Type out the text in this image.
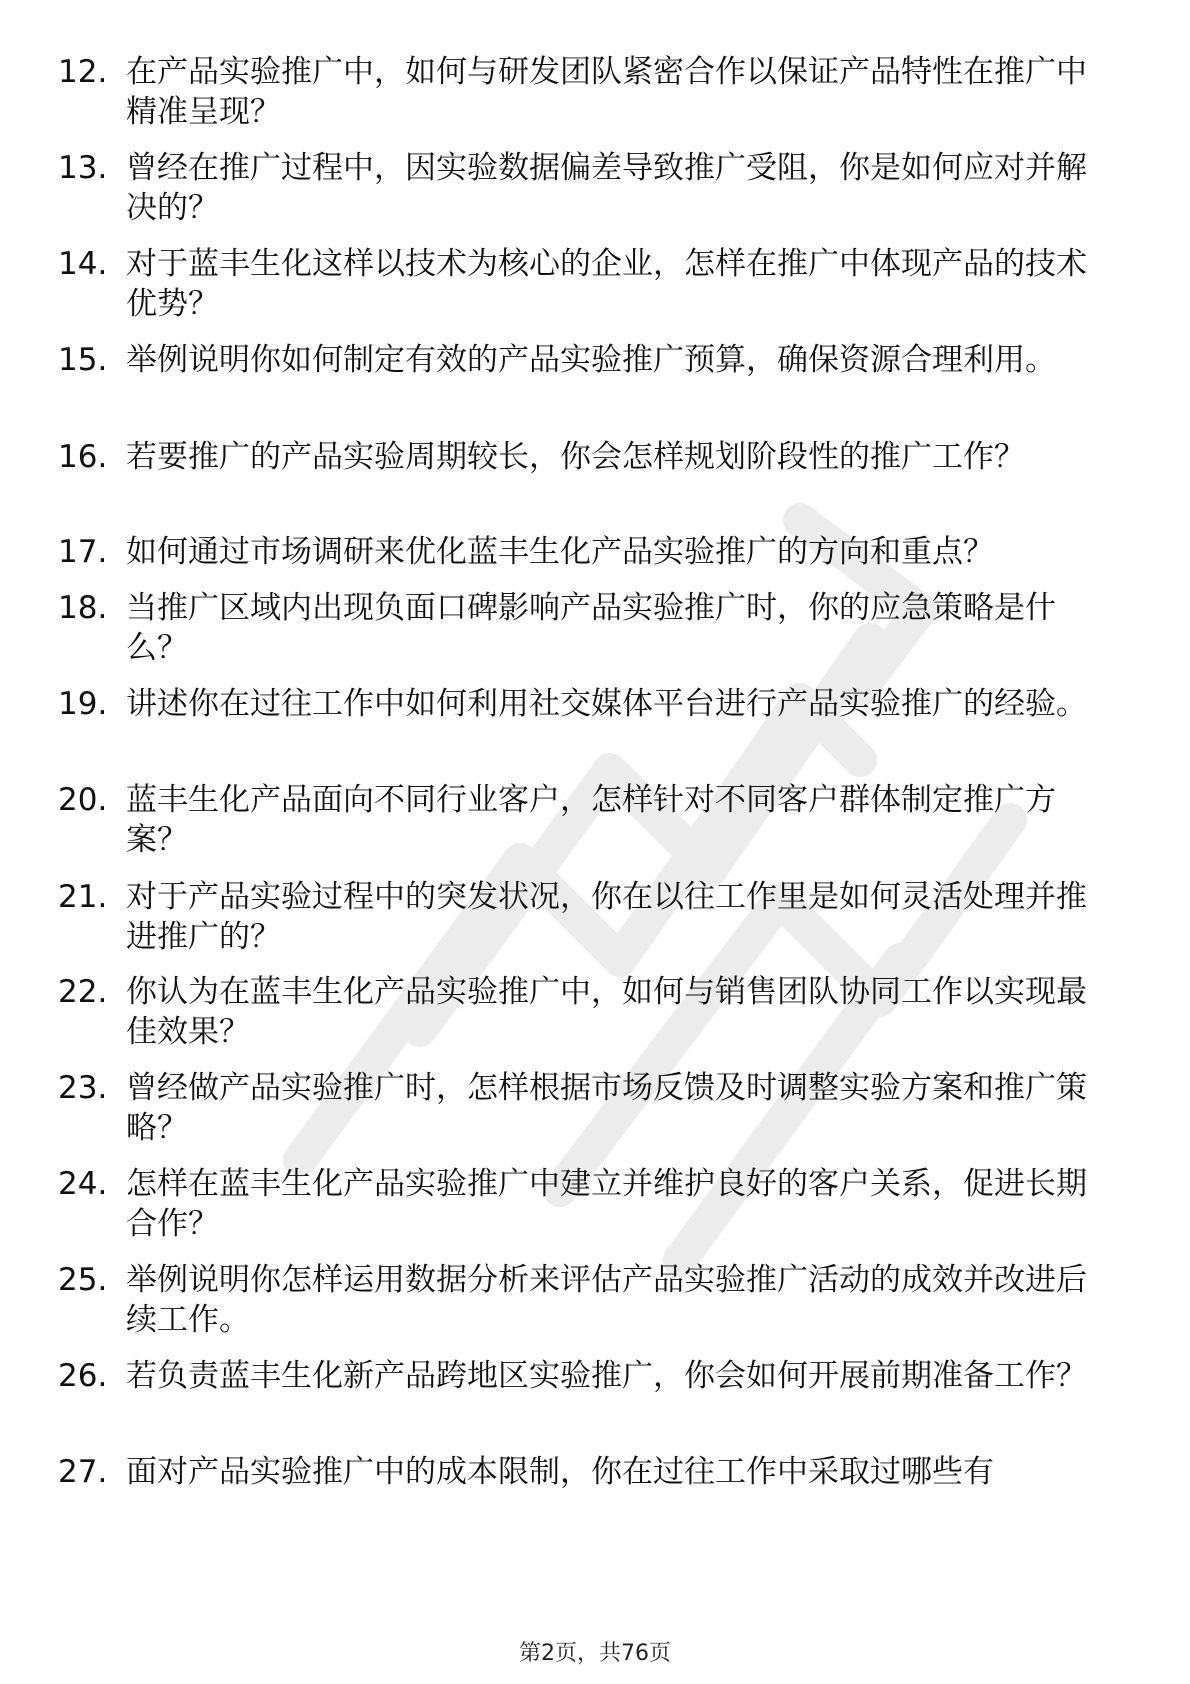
12. 在产品实验推广中，如何与研发团队紧密合作以保证产品特性在推广中精准呈现？
13. 曾经在推广过程中，因实验数据偏差导致推广受阻，你是如何应对并解决的？
14. 对于蓝丰生化这样以技术为核心的企业，怎样在推广中体现产品的技术优势？
15. 举例说明你如何制定有效的产品实验推广预算，确保资源合理利用。
16. 若要推广的产品实验周期较长，你会怎样规划阶段性的推广工作？
17. 如何通过市场调研来优化蓝丰生化产品实验推广的方向和重点？
18. 当推广区域内出现负面口碑影响产品实验推广时，你的应急策略是什么？
19. 讲述你在过往工作中如何利用社交媒体平台进行产品实验推广的经验。
20. 蓝丰生化产品面向不同行业客户，怎样针对不同客户群体制定推广方案？
21. 对于产品实验过程中的突发状况，你在以往工作里是如何灵活处理并推进推广的？
22. 你认为在蓝丰生化产品实验推广中，如何与销售团队协同工作以实现最佳效果？
23. 曾经做产品实验推广时，怎样根据市场反馈及时调整实验方案和推广策略？
24. 怎样在蓝丰生化产品实验推广中建立并维护良好的客户关系，促进长期合作？
25. 举例说明你怎样运用数据分析来评估产品实验推广活动的成效并改进后续工作。
26. 若负责蓝丰生化新产品跨地区实验推广，你会如何开展前期准备工作？
27. 面对产品实验推广中的成本限制，你在过往工作中采取过哪些有
第2页，共76页
